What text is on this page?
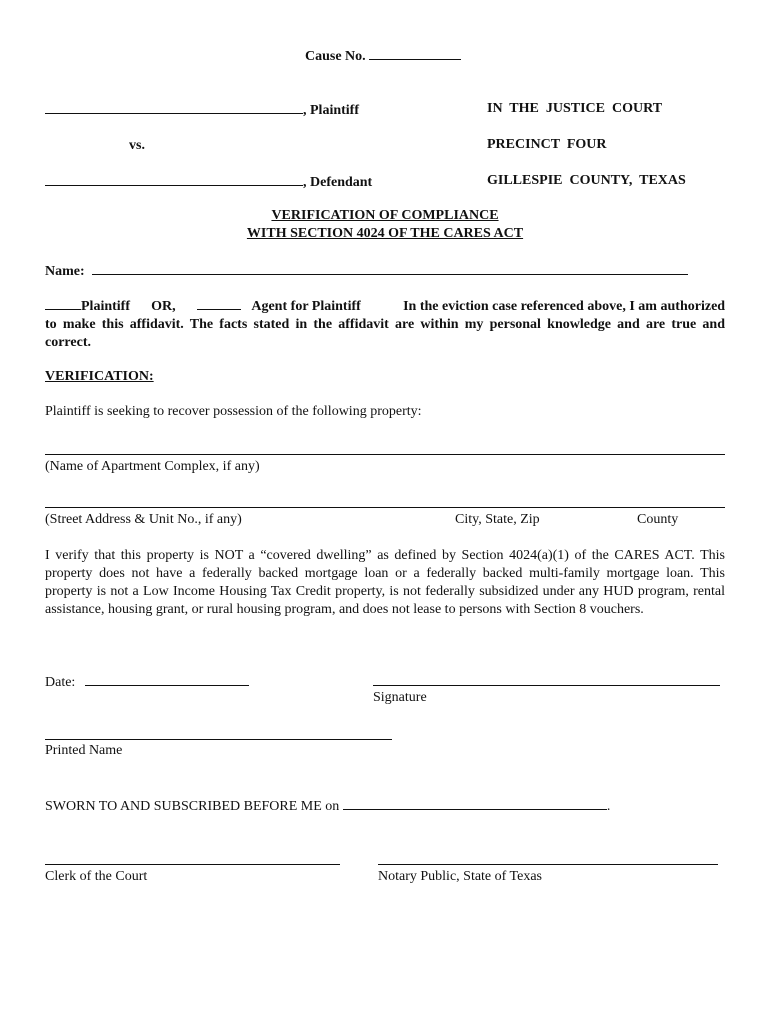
Cause No.
, Plaintiff
vs.
, Defendant
IN  THE  JUSTICE  COURT
PRECINCT  FOUR
GILLESPIE  COUNTY,  TEXAS
VERIFICATION OF COMPLIANCE
WITH SECTION 4024 OF THE CARES ACT
Name:
Plaintiff OR,	Agent for Plaintiff	In the eviction case referenced above, I am authorized to make this affidavit. The facts stated in the affidavit are within my personal knowledge and are true and correct.
VERIFICATION:
Plaintiff is seeking to recover possession of the following property:
(Name of Apartment Complex, if any)
(Street Address & Unit No., if any)	City, State, Zip	County
I verify that this property is NOT a “covered dwelling” as defined by Section 4024(a)(1) of the CARES ACT. This property does not have a federally backed mortgage loan or a federally backed multi-family mortgage loan. This property is not a Low Income Housing Tax Credit property, is not federally subsidized under any HUD program, rental assistance, housing grant, or rural housing program, and does not lease to persons with Section 8 vouchers.
Date:
Signature
Printed Name
SWORN TO AND SUBSCRIBED BEFORE ME on	.
Clerk of the Court	Notary Public, State of Texas
